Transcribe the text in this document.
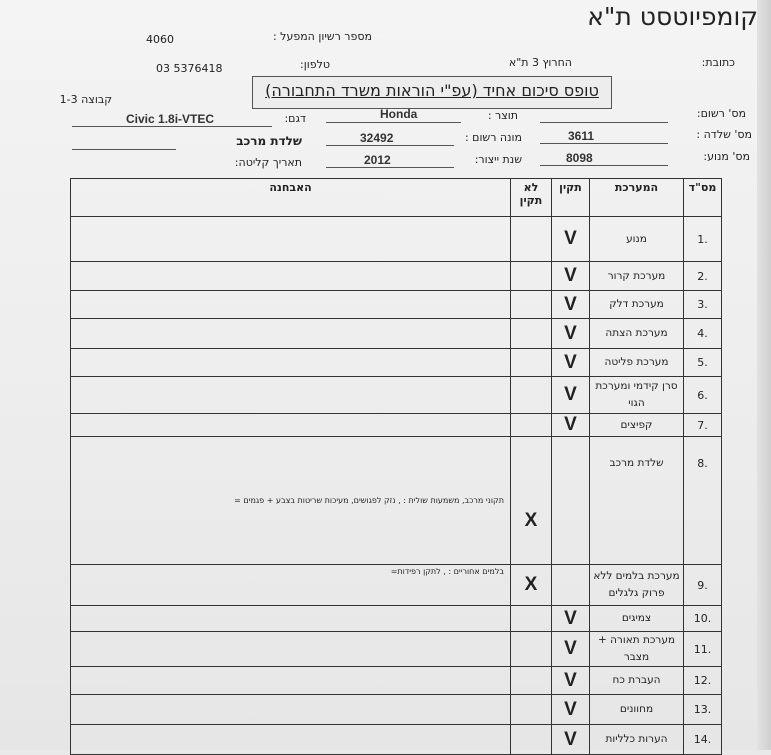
קומפיוטסט ת"א
מספר רשיון המפעל :
4060
כתובת:
החרוץ 3 ת"א
טלפון:
03 5376418
טופס סיכום אחיד (עפ"י הוראות משרד התחבורה)
קבוצה 1-3
מס' רשום:
תוצר :
Honda
דגם:
Civic 1.8i-VTEC
מס' שלדה :
3611
מונה רשום :
32492
שלדת מרכב
מס' מנוע:
8098
שנת ייצור:
2012
תאריך קליטה:
האבחנה	לא תקין	תקין	המערכת	מס"ד
		V	מנוע	1.
		V	מערכת קרור	2.
		V	מערכת דלק	3.
		V	מערכת הצתה	4.
		V	מערכת פליטה	5.
		V	סרן קידמי ומערכת הגוי	6.
		V	קפיצים	7.
תקוני מרכב, משמעות שולית : , נזק לפגושים, מעיכות שריטות בצבע + פגמים =	X		שלדת מרכב	8.
בלמים אחוריים : , לתקן רפידות=	X		מערכת בלמים ללא פרוק גלגלים	9.
		V	צמיגים	10.
		V	מערכת תאורה + מצבר	11.
		V	העברת כח	12.
		V	מחוונים	13.
		V	הערות כלליות	14.
